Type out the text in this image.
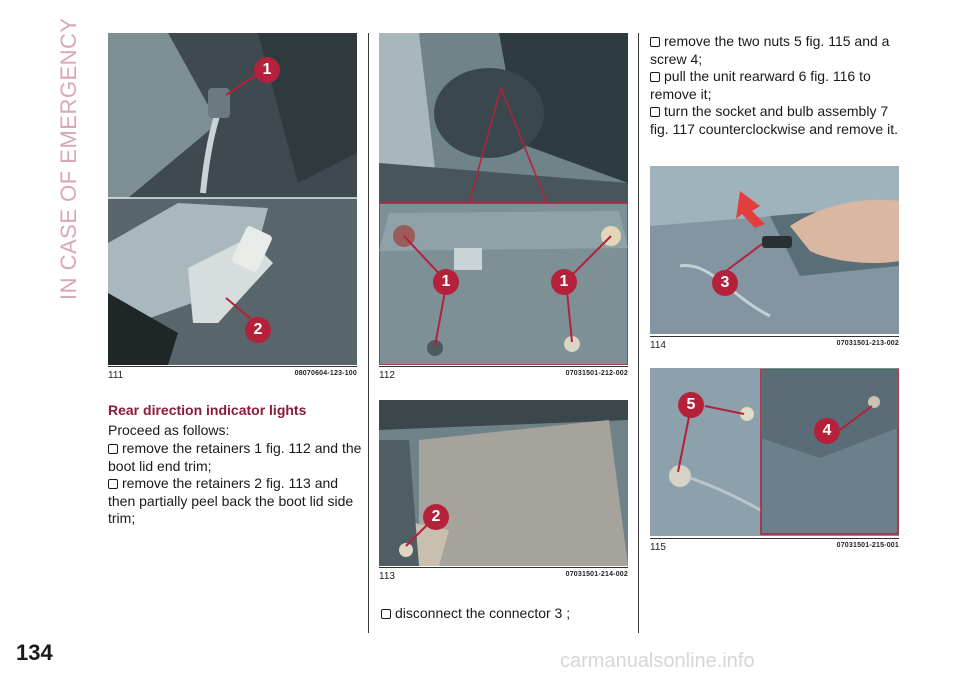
IN CASE OF EMERGENCY
134
1
2
111	08070604-123-100
Rear direction indicator lights
Proceed as follows:
remove the retainers 1 fig. 112 and the boot lid end trim;
remove the retainers 2 fig. 113 and then partially peel back the boot lid side trim;
1	1
112	07031501-212-002
2
113	07031501-214-002
disconnect the connector 3 ;
remove the two nuts 5 fig. 115 and a screw 4;
pull the unit rearward 6 fig. 116 to remove it;
turn the socket and bulb assembly 7 fig. 117 counterclockwise and remove it.
3
114	07031501-213-002
5
4
115	07031501-215-001
carmanualsonline.info
